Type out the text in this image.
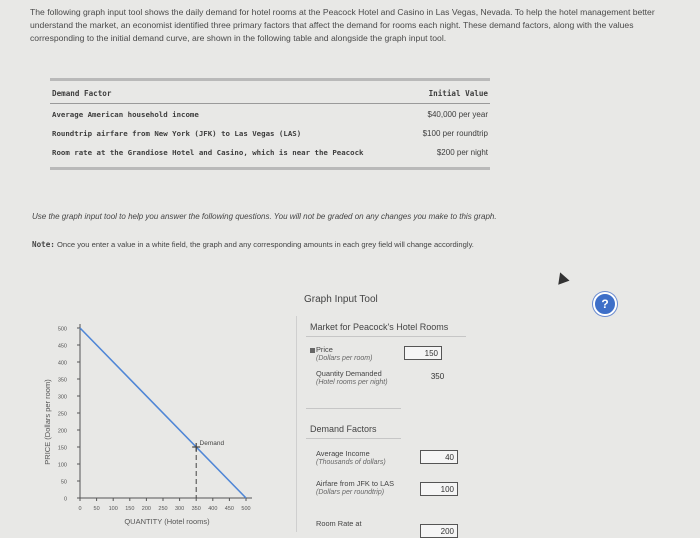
The following graph input tool shows the daily demand for hotel rooms at the Peacock Hotel and Casino in Las Vegas, Nevada. To help the hotel management better understand the market, an economist identified three primary factors that affect the demand for rooms each night. These demand factors, along with the values corresponding to the initial demand curve, are shown in the following table and alongside the graph input tool.
Demand Factor	Initial Value
Average American household income	$40,000 per year
Roundtrip airfare from New York (JFK) to Las Vegas (LAS)	$100 per roundtrip
Room rate at the Grandiose Hotel and Casino, which is near the Peacock	$200 per night
Use the graph input tool to help you answer the following questions. You will not be graded on any changes you make to this graph.
Note: Once you enter a value in a white field, the graph and any corresponding amounts in each grey field will change accordingly.
Graph Input Tool	?
PRICE (Dollars per room)
QUANTITY (Hotel rooms)
0
50
100
150
200
250
300
350
400
450
500
0 50 100 150 200 250 300 350 400 450 500
Demand
Market for Peacock's Hotel Rooms
Price
(Dollars per room)
150
Quantity Demanded
(Hotel rooms per night)
350
Demand Factors
Average Income
(Thousands of dollars)
40
Airfare from JFK to LAS
(Dollars per roundtrip)	100
Room Rate at
200
